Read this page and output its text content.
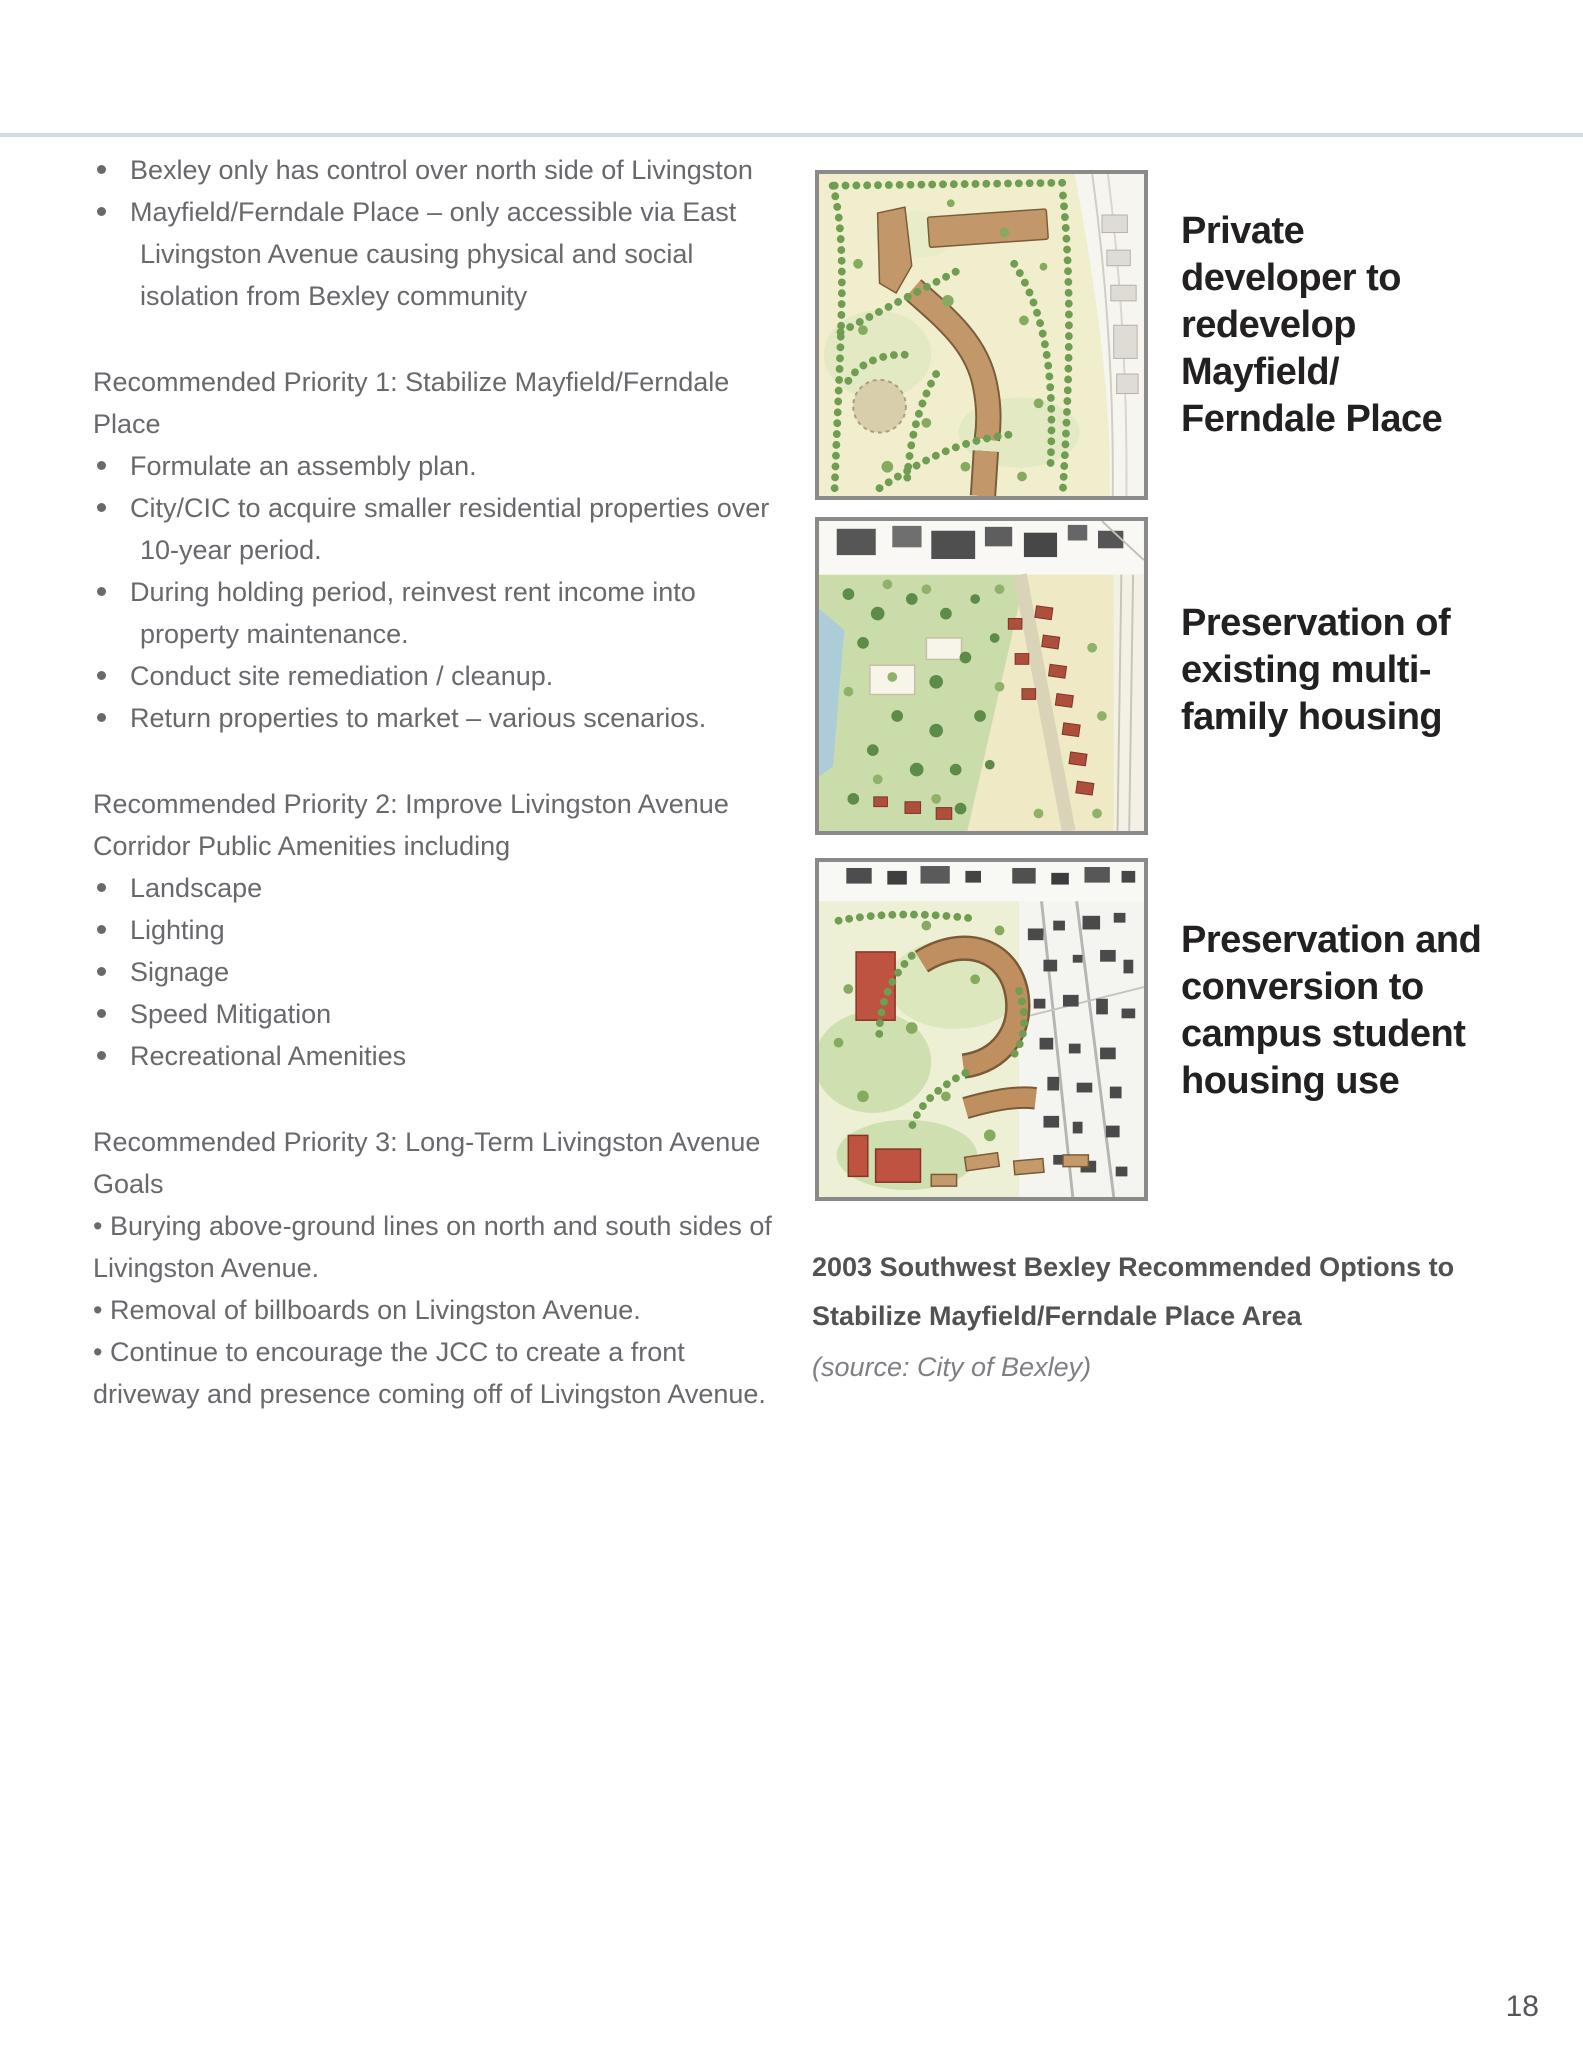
Bexley only has control over north side of Livingston
Mayfield/Ferndale Place – only accessible via East
Livingston Avenue causing physical and social
isolation from Bexley community
Recommended Priority 1: Stabilize Mayfield/Ferndale
Place
Formulate an assembly plan.
City/CIC to acquire smaller residential properties over
10-year period.
During holding period, reinvest rent income into
property maintenance.
Conduct site remediation / cleanup.
Return properties to market – various scenarios.
Recommended Priority 2: Improve Livingston Avenue
Corridor Public Amenities including
Landscape
Lighting
Signage
Speed Mitigation
Recreational Amenities
Recommended Priority 3: Long-Term Livingston Avenue
Goals
• Burying above-ground lines on north and south sides of
Livingston Avenue.
• Removal of billboards on Livingston Avenue.
• Continue to encourage the JCC to create a front
driveway and presence coming off of Livingston Avenue.
Private
developer to
redevelop
Mayfield/
Ferndale Place
Preservation of
existing multi-
family housing
Preservation and
conversion to
campus student
housing use
2003 Southwest Bexley Recommended Options to
Stabilize Mayfield/Ferndale Place Area
(source: City of Bexley)
18
